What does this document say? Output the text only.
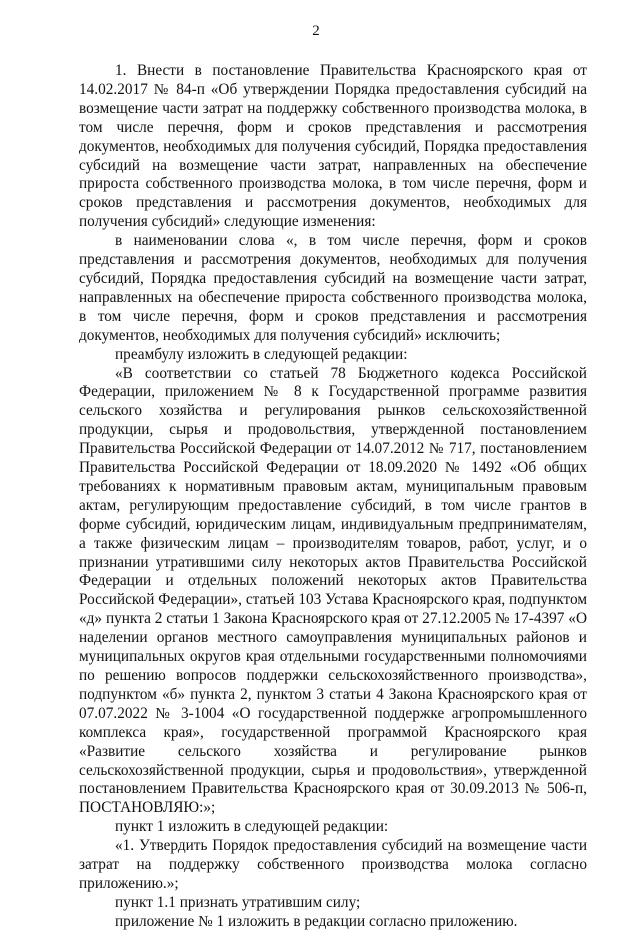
2

1. Внести в постановление Правительства Красноярского края от 14.02.2017 № 84-п «Об утверждении Порядка предоставления субсидий на возмещение части затрат на поддержку собственного производства молока, в том числе перечня, форм и сроков представления и рассмотрения документов, необходимых для получения субсидий, Порядка предоставления субсидий на возмещение части затрат, направленных на обеспечение прироста собственного производства молока, в том числе перечня, форм и сроков представления и рассмотрения документов, необходимых для получения субсидий» следующие изменения:

в наименовании слова «, в том числе перечня, форм и сроков представления и рассмотрения документов, необходимых для получения субсидий, Порядка предоставления субсидий на возмещение части затрат, направленных на обеспечение прироста собственного производства молока, в том числе перечня, форм и сроков представления и рассмотрения документов, необходимых для получения субсидий» исключить;

преамбулу изложить в следующей редакции:

«В соответствии со статьей 78 Бюджетного кодекса Российской Федерации, приложением № 8 к Государственной программе развития сельского хозяйства и регулирования рынков сельскохозяйственной продукции, сырья и продовольствия, утвержденной постановлением Правительства Российской Федерации от 14.07.2012 № 717, постановлением Правительства Российской Федерации от 18.09.2020 № 1492 «Об общих требованиях к нормативным правовым актам, муниципальным правовым актам, регулирующим предоставление субсидий, в том числе грантов в форме субсидий, юридическим лицам, индивидуальным предпринимателям, а также физическим лицам – производителям товаров, работ, услуг, и о признании утратившими силу некоторых актов Правительства Российской Федерации и отдельных положений некоторых актов Правительства Российской Федерации», статьей 103 Устава Красноярского края, подпунктом «д» пункта 2 статьи 1 Закона Красноярского края от 27.12.2005 № 17-4397 «О наделении органов местного самоуправления муниципальных районов и муниципальных округов края отдельными государственными полномочиями по решению вопросов поддержки сельскохозяйственного производства», подпунктом «б» пункта 2, пунктом 3 статьи 4 Закона Красноярского края от 07.07.2022 № 3-1004 «О государственной поддержке агропромышленного комплекса края», государственной программой Красноярского края «Развитие сельского хозяйства и регулирование рынков сельскохозяйственной продукции, сырья и продовольствия», утвержденной постановлением Правительства Красноярского края от 30.09.2013 № 506-п, ПОСТАНОВЛЯЮ:»;

пункт 1 изложить в следующей редакции:

«1. Утвердить Порядок предоставления субсидий на возмещение части затрат на поддержку собственного производства молока согласно приложению.»;

пункт 1.1 признать утратившим силу;

приложение № 1 изложить в редакции согласно приложению.
